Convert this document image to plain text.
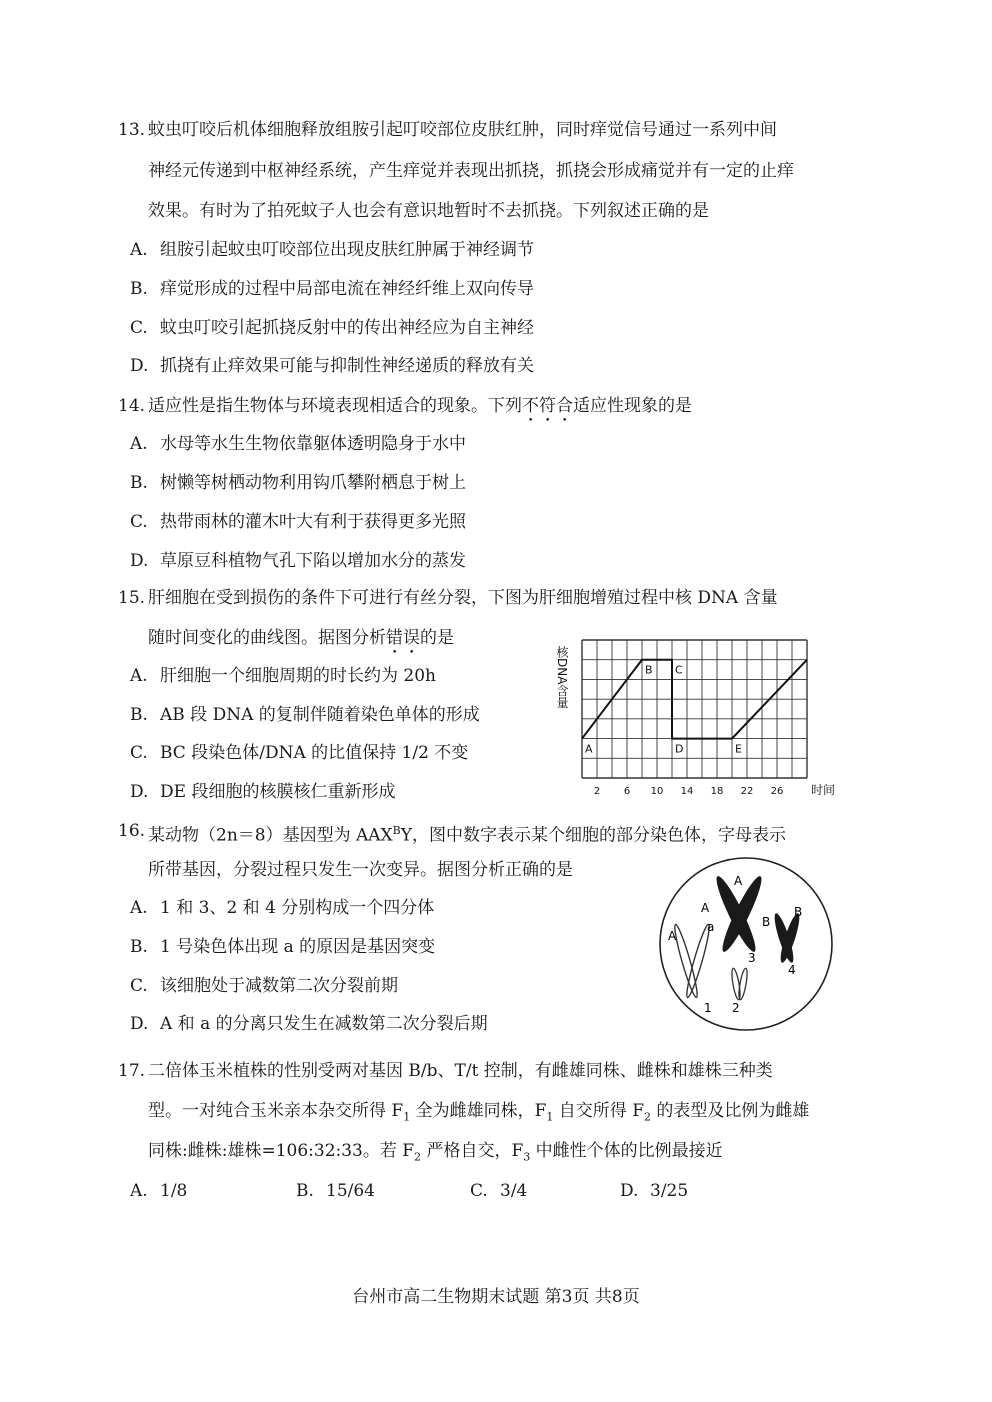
13. 蚊虫叮咬后机体细胞释放组胺引起叮咬部位皮肤红肿，同时痒觉信号通过一系列中间
神经元传递到中枢神经系统，产生痒觉并表现出抓挠，抓挠会形成痛觉并有一定的止痒
效果。有时为了拍死蚊子人也会有意识地暂时不去抓挠。下列叙述正确的是
A. 组胺引起蚊虫叮咬部位出现皮肤红肿属于神经调节
B. 痒觉形成的过程中局部电流在神经纤维上双向传导
C. 蚊虫叮咬引起抓挠反射中的传出神经应为自主神经
D. 抓挠有止痒效果可能与抑制性神经递质的释放有关
14. 适应性是指生物体与环境表现相适合的现象。下列不符合适应性现象的是
A. 水母等水生生物依靠躯体透明隐身于水中
B. 树懒等树栖动物利用钩爪攀附栖息于树上
C. 热带雨林的灌木叶大有利于获得更多光照
D. 草原豆科植物气孔下陷以增加水分的蒸发
15. 肝细胞在受到损伤的条件下可进行有丝分裂，下图为肝细胞增殖过程中核 DNA 含量
随时间变化的曲线图。据图分析错误的是
A. 肝细胞一个细胞周期的时长约为 20h
B. AB 段 DNA 的复制伴随着染色单体的形成
C. BC 段染色体/DNA 的比值保持 1/2 不变
D. DE 段细胞的核膜核仁重新形成
A
B C
D	E
2 6 10 14 18 22 26 时间
核DNA含量
16. 某动物（2n＝8）基因型为 $AAX^BY$，图中数字表示某个细胞的部分染色体，字母表示
所带基因，分裂过程只发生一次变异。据图分析正确的是
A. 1 和 3、2 和 4 分别构成一个四分体
B. 1 号染色体出现 a 的原因是基因突变
C. 该细胞处于减数第二次分裂前期
D. A 和 a 的分离只发生在减数第二次分裂后期
A
A
a
A
B
B
1 2
3
4
17. 二倍体玉米植株的性别受两对基因 B/b、T/t 控制，有雌雄同株、雌株和雄株三种类
型。一对纯合玉米亲本杂交所得 $F_1$ 全为雌雄同株，$F_1$ 自交所得 $F_2$ 的表型及比例为雌雄
同株:雌株:雄株=106:32:33。若 $F_2$ 严格自交，$F_3$ 中雌性个体的比例最接近
A. 1/8	B. 15/64	C. 3/4	D. 3/25
台州市高二生物期末试题 第3页 共8页
